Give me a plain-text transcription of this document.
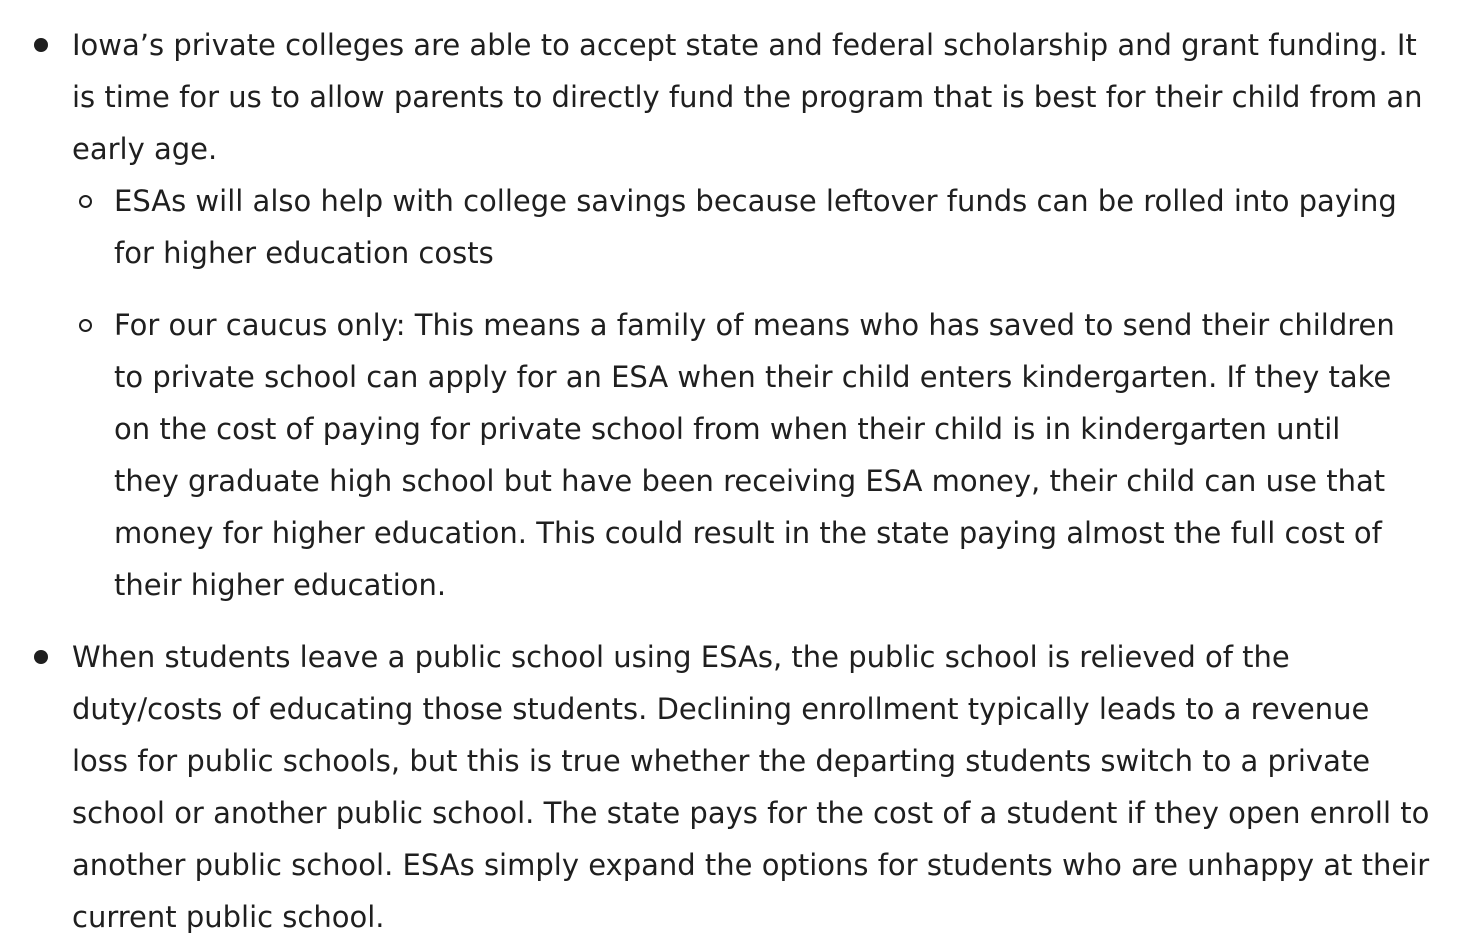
Iowa’s private colleges are able to accept state and federal scholarship and grant funding. It is time for us to allow parents to directly fund the program that is best for their child from an early age.
ESAs will also help with college savings because leftover funds can be rolled into paying for higher education costs
For our caucus only: This means a family of means who has saved to send their children to private school can apply for an ESA when their child enters kindergarten. If they take on the cost of paying for private school from when their child is in kindergarten until they graduate high school but have been receiving ESA money, their child can use that money for higher education. This could result in the state paying almost the full cost of their higher education.
When students leave a public school using ESAs, the public school is relieved of the duty/costs of educating those students. Declining enrollment typically leads to a revenue loss for public schools, but this is true whether the departing students switch to a private school or another public school. The state pays for the cost of a student if they open enroll to another public school. ESAs simply expand the options for students who are unhappy at their current public school.
